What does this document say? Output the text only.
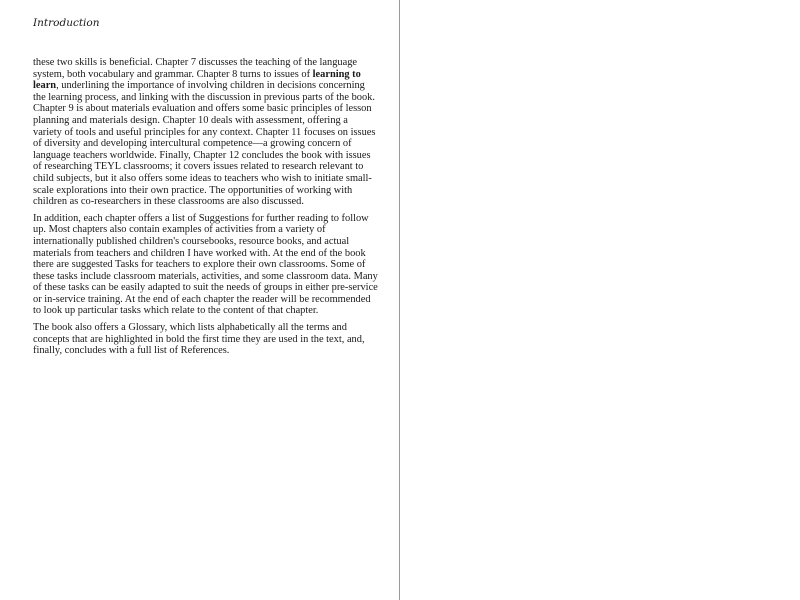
Introduction

these two skills is beneficial. Chapter 7 discusses the teaching of the language system, both vocabulary and grammar. Chapter 8 turns to issues of learning to learn, underlining the importance of involving children in decisions concerning the learning process, and linking with the discussion in previous parts of the book. Chapter 9 is about materials evaluation and offers some basic principles of lesson planning and materials design. Chapter 10 deals with assessment, offering a variety of tools and useful principles for any context. Chapter 11 focuses on issues of diversity and developing intercultural competence—a growing concern of language teachers worldwide. Finally, Chapter 12 concludes the book with issues of researching TEYL classrooms; it covers issues related to research relevant to child subjects, but it also offers some ideas to teachers who wish to initiate small-scale explorations into their own practice. The opportunities of working with children as co-researchers in these classrooms are also discussed.

In addition, each chapter offers a list of Suggestions for further reading to follow up. Most chapters also contain examples of activities from a variety of internationally published children's coursebooks, resource books, and actual materials from teachers and children I have worked with. At the end of the book there are suggested Tasks for teachers to explore their own classrooms. Some of these tasks include classroom materials, activities, and some classroom data. Many of these tasks can be easily adapted to suit the needs of groups in either pre-service or in-service training. At the end of each chapter the reader will be recommended to look up particular tasks which relate to the content of that chapter.

The book also offers a Glossary, which lists alphabetically all the terms and concepts that are highlighted in bold the first time they are used in the text, and, finally, concludes with a full list of References.
